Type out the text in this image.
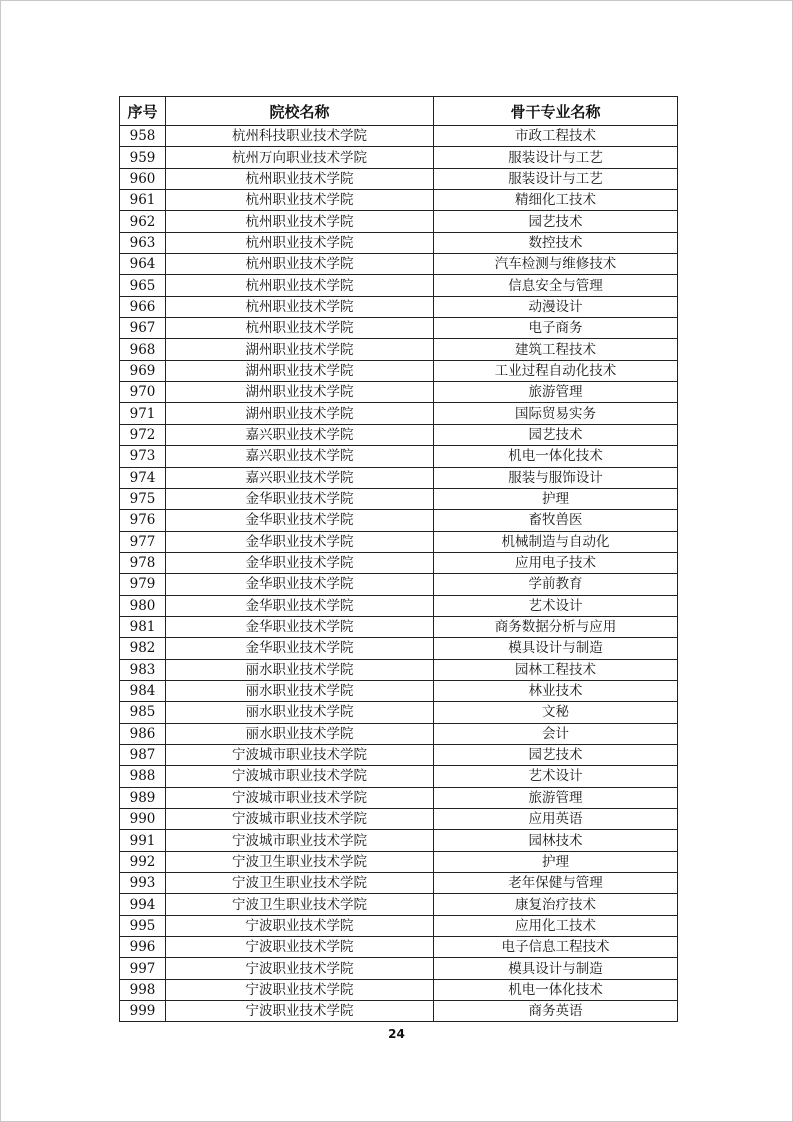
序号	院校名称	骨干专业名称
958	杭州科技职业技术学院	市政工程技术
959	杭州万向职业技术学院	服装设计与工艺
960	杭州职业技术学院	服装设计与工艺
961	杭州职业技术学院	精细化工技术
962	杭州职业技术学院	园艺技术
963	杭州职业技术学院	数控技术
964	杭州职业技术学院	汽车检测与维修技术
965	杭州职业技术学院	信息安全与管理
966	杭州职业技术学院	动漫设计
967	杭州职业技术学院	电子商务
968	湖州职业技术学院	建筑工程技术
969	湖州职业技术学院	工业过程自动化技术
970	湖州职业技术学院	旅游管理
971	湖州职业技术学院	国际贸易实务
972	嘉兴职业技术学院	园艺技术
973	嘉兴职业技术学院	机电一体化技术
974	嘉兴职业技术学院	服装与服饰设计
975	金华职业技术学院	护理
976	金华职业技术学院	畜牧兽医
977	金华职业技术学院	机械制造与自动化
978	金华职业技术学院	应用电子技术
979	金华职业技术学院	学前教育
980	金华职业技术学院	艺术设计
981	金华职业技术学院	商务数据分析与应用
982	金华职业技术学院	模具设计与制造
983	丽水职业技术学院	园林工程技术
984	丽水职业技术学院	林业技术
985	丽水职业技术学院	文秘
986	丽水职业技术学院	会计
987	宁波城市职业技术学院	园艺技术
988	宁波城市职业技术学院	艺术设计
989	宁波城市职业技术学院	旅游管理
990	宁波城市职业技术学院	应用英语
991	宁波城市职业技术学院	园林技术
992	宁波卫生职业技术学院	护理
993	宁波卫生职业技术学院	老年保健与管理
994	宁波卫生职业技术学院	康复治疗技术
995	宁波职业技术学院	应用化工技术
996	宁波职业技术学院	电子信息工程技术
997	宁波职业技术学院	模具设计与制造
998	宁波职业技术学院	机电一体化技术
999	宁波职业技术学院	商务英语
24
